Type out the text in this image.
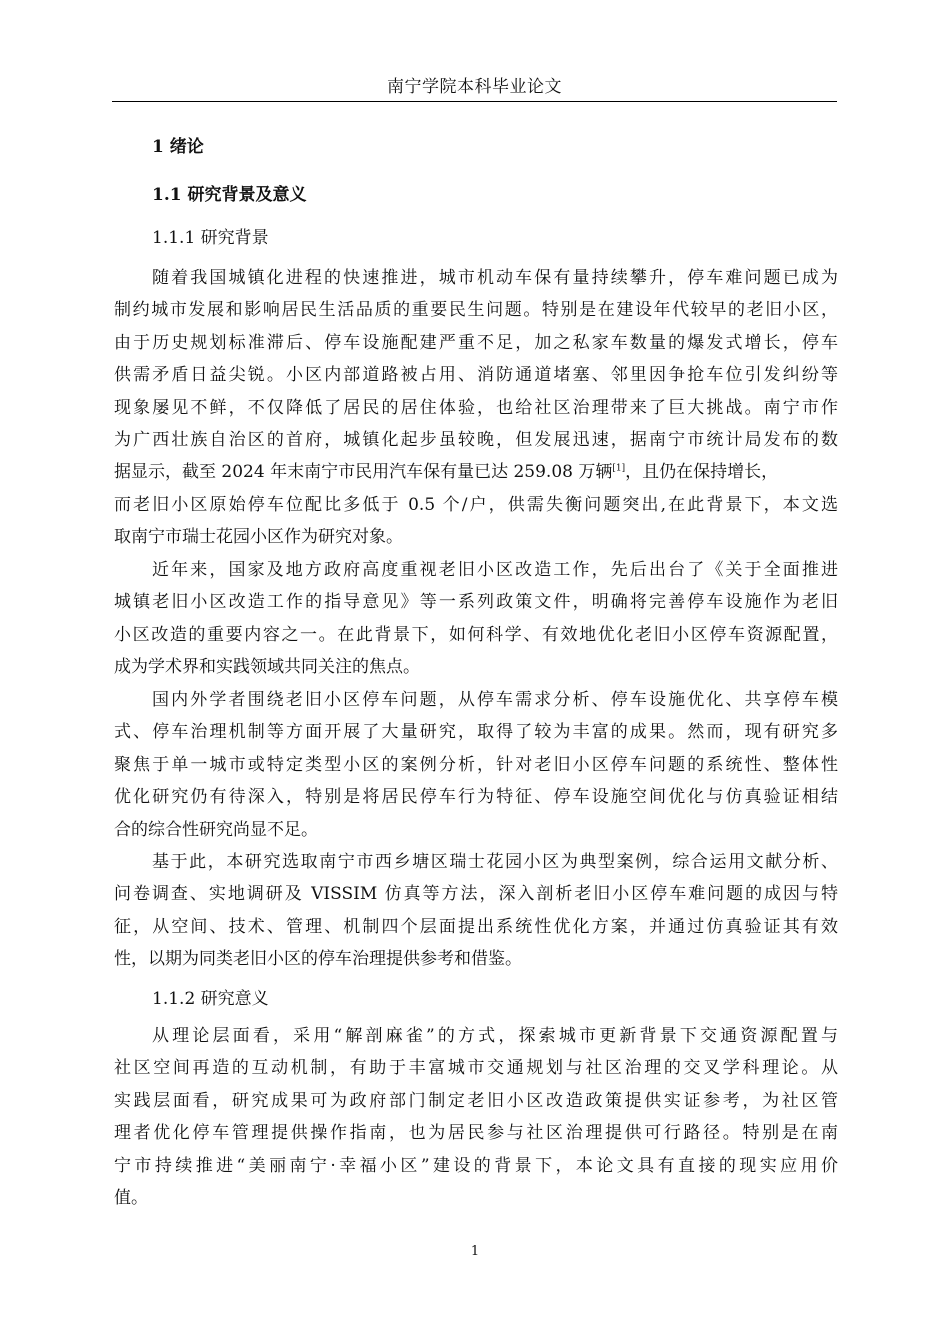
南宁学院本科毕业论文
1 绪论
1.1 研究背景及意义
1.1.1 研究背景
随着我国城镇化进程的快速推进，城市机动车保有量持续攀升，停车难问题已成为
制约城市发展和影响居民生活品质的重要民生问题。特别是在建设年代较早的老旧小区，
由于历史规划标准滞后、停车设施配建严重不足，加之私家车数量的爆发式增长，停车
供需矛盾日益尖锐。小区内部道路被占用、消防通道堵塞、邻里因争抢车位引发纠纷等
现象屡见不鲜，不仅降低了居民的居住体验，也给社区治理带来了巨大挑战。南宁市作
为广西壮族自治区的首府，城镇化起步虽较晚，但发展迅速，据南宁市统计局发布的数
据显示，截至 2024 年末南宁市民用汽车保有量已达 259.08 万辆[1]，且仍在保持增长，
而老旧小区原始停车位配比多低于 0.5 个/户，供需失衡问题突出,在此背景下，本文选
取南宁市瑞士花园小区作为研究对象。
近年来，国家及地方政府高度重视老旧小区改造工作，先后出台了《关于全面推进
城镇老旧小区改造工作的指导意见》等一系列政策文件，明确将完善停车设施作为老旧
小区改造的重要内容之一。在此背景下，如何科学、有效地优化老旧小区停车资源配置，
成为学术界和实践领域共同关注的焦点。
国内外学者围绕老旧小区停车问题，从停车需求分析、停车设施优化、共享停车模
式、停车治理机制等方面开展了大量研究，取得了较为丰富的成果。然而，现有研究多
聚焦于单一城市或特定类型小区的案例分析，针对老旧小区停车问题的系统性、整体性
优化研究仍有待深入，特别是将居民停车行为特征、停车设施空间优化与仿真验证相结
合的综合性研究尚显不足。
基于此，本研究选取南宁市西乡塘区瑞士花园小区为典型案例，综合运用文献分析、
问卷调查、实地调研及 VISSIM 仿真等方法，深入剖析老旧小区停车难问题的成因与特
征，从空间、技术、管理、机制四个层面提出系统性优化方案，并通过仿真验证其有效
性，以期为同类老旧小区的停车治理提供参考和借鉴。
1.1.2 研究意义
从理论层面看，采用“解剖麻雀”的方式，探索城市更新背景下交通资源配置与
社区空间再造的互动机制，有助于丰富城市交通规划与社区治理的交叉学科理论。从
实践层面看，研究成果可为政府部门制定老旧小区改造政策提供实证参考，为社区管
理者优化停车管理提供操作指南，也为居民参与社区治理提供可行路径。特别是在南
宁市持续推进“美丽南宁·幸福小区”建设的背景下，本论文具有直接的现实应用价
值。
1
